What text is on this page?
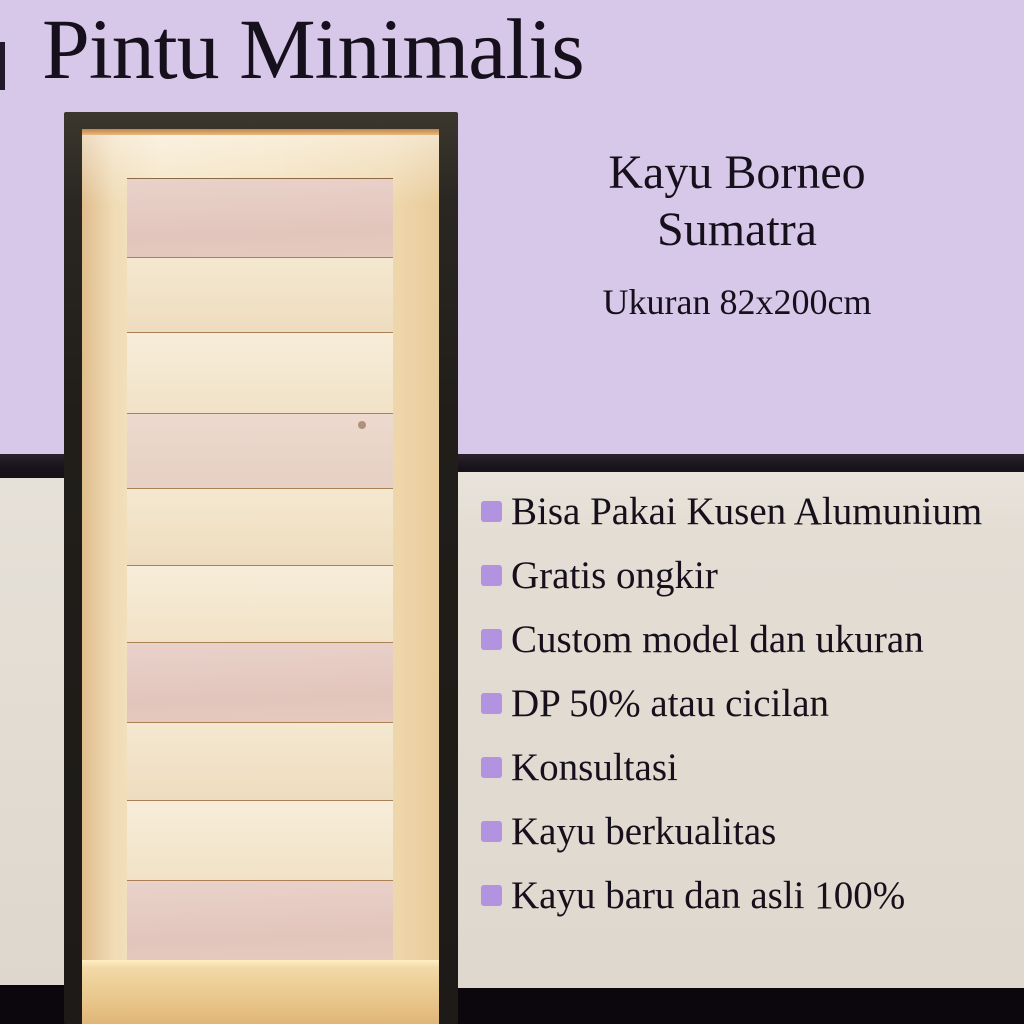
Pintu Minimalis
Kayu Borneo
Sumatra
Ukuran 82x200cm
Bisa Pakai Kusen Alumunium
Gratis ongkir
Custom model dan ukuran
DP 50% atau cicilan
Konsultasi
Kayu berkualitas
Kayu baru dan asli 100%
